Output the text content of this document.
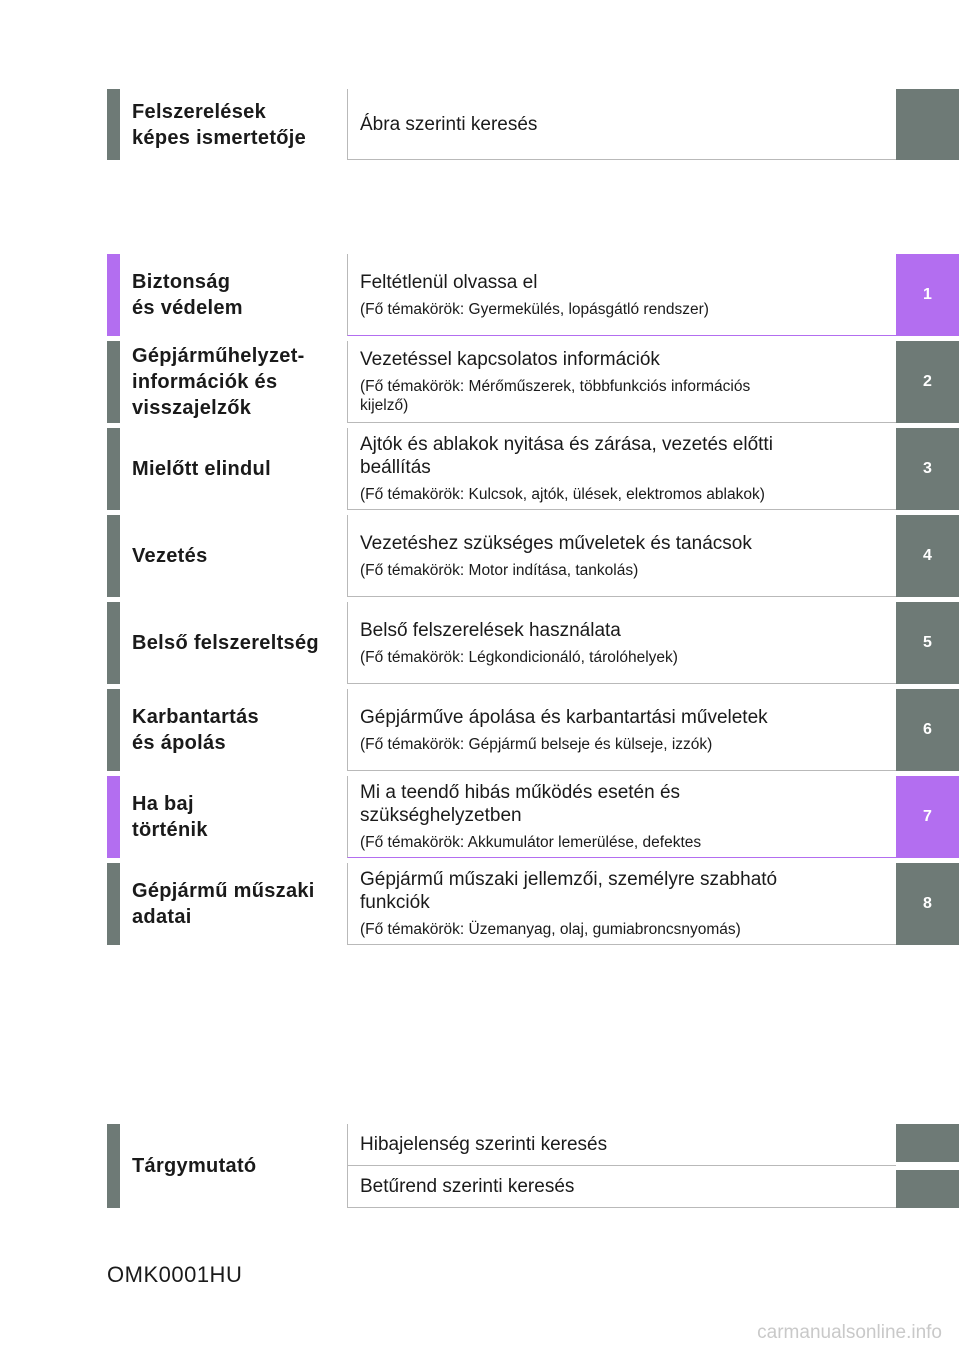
Felszerelések
képes ismertetője
Ábra szerinti keresés
Biztonság
és védelem
Feltétlenül olvassa el
(Fő témakörök: Gyermekülés, lopásgátló rendszer)
1
Gépjárműhelyzet-
információk és
visszajelzők
Vezetéssel kapcsolatos információk
(Fő témakörök: Mérőműszerek, többfunkciós információs
kijelző)
2
Mielőtt elindul
Ajtók és ablakok nyitása és zárása, vezetés előtti
beállítás
(Fő témakörök: Kulcsok, ajtók, ülések, elektromos ablakok)
3
Vezetés
Vezetéshez szükséges műveletek és tanácsok
(Fő témakörök: Motor indítása, tankolás)
4
Belső felszereltség
Belső felszerelések használata
(Fő témakörök: Légkondicionáló, tárolóhelyek)
5
Karbantartás
és ápolás
Gépjárműve ápolása és karbantartási műveletek
(Fő témakörök: Gépjármű belseje és külseje, izzók)
6
Ha baj
történik
Mi a teendő hibás működés esetén és
szükséghelyzetben
(Fő témakörök: Akkumulátor lemerülése, defektes
7
Gépjármű műszaki
adatai
Gépjármű műszaki jellemzői, személyre szabható
funkciók
(Fő témakörök: Üzemanyag, olaj, gumiabroncsnyomás)
8
Tárgymutató
Hibajelenség szerinti keresés
Betűrend szerinti keresés
OMK0001HU
carmanualsonline.info
